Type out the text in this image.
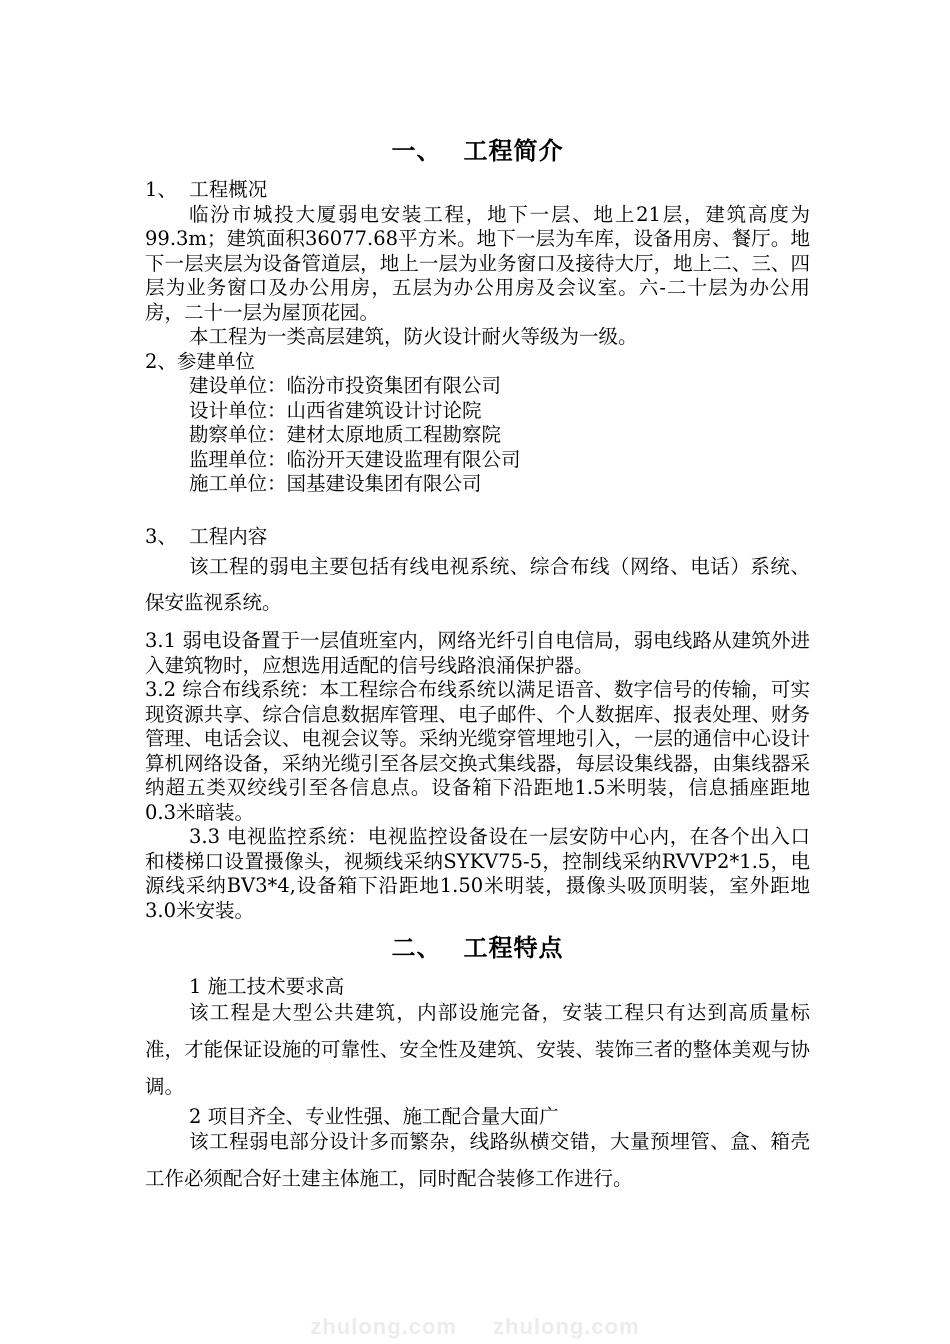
一、 工程简介

1、  工程概况

临汾市城投大厦弱电安装工程，地下一层、地上21层，建筑高度为99.3m；建筑面积36077.68平方米。地下一层为车库，设备用房、餐厅。地下一层夹层为设备管道层，地上一层为业务窗口及接待大厅，地上二、三、四层为业务窗口及办公用房，五层为办公用房及会议室。六-二十层为办公用房，二十一层为屋顶花园。

本工程为一类高层建筑，防火设计耐火等级为一级。

2、参建单位

建设单位：临汾市投资集团有限公司

设计单位：山西省建筑设计讨论院

勘察单位：建材太原地质工程勘察院

监理单位：临汾开天建设监理有限公司

施工单位：国基建设集团有限公司

3、  工程内容

该工程的弱电主要包括有线电视系统、综合布线（网络、电话）系统、保安监视系统。

3.1 弱电设备置于一层值班室内，网络光纤引自电信局，弱电线路从建筑外进入建筑物时，应想选用适配的信号线路浪涌保护器。

3.2 综合布线系统：本工程综合布线系统以满足语音、数字信号的传输，可实现资源共享、综合信息数据库管理、电子邮件、个人数据库、报表处理、财务管理、电话会议、电视会议等。采纳光缆穿管埋地引入，一层的通信中心设计算机网络设备，采纳光缆引至各层交换式集线器，每层设集线器，由集线器采纳超五类双绞线引至各信息点。设备箱下沿距地1.5米明装，信息插座距地0.3米暗装。

3.3 电视监控系统：电视监控设备设在一层安防中心内，在各个出入口和楼梯口设置摄像头，视频线采纳SYKV75-5，控制线采纳RVVP2*1.5，电源线采纳BV3*4,设备箱下沿距地1.50米明装，摄像头吸顶明装，室外距地3.0米安装。

二、 工程特点

1 施工技术要求高

该工程是大型公共建筑，内部设施完备，安装工程只有达到高质量标准，才能保证设施的可靠性、安全性及建筑、安装、装饰三者的整体美观与协调。

2 项目齐全、专业性强、施工配合量大面广

该工程弱电部分设计多而繁杂，线路纵横交错，大量预埋管、盒、箱壳工作必须配合好土建主体施工，同时配合装修工作进行。

zhulong.com zhulong.com
